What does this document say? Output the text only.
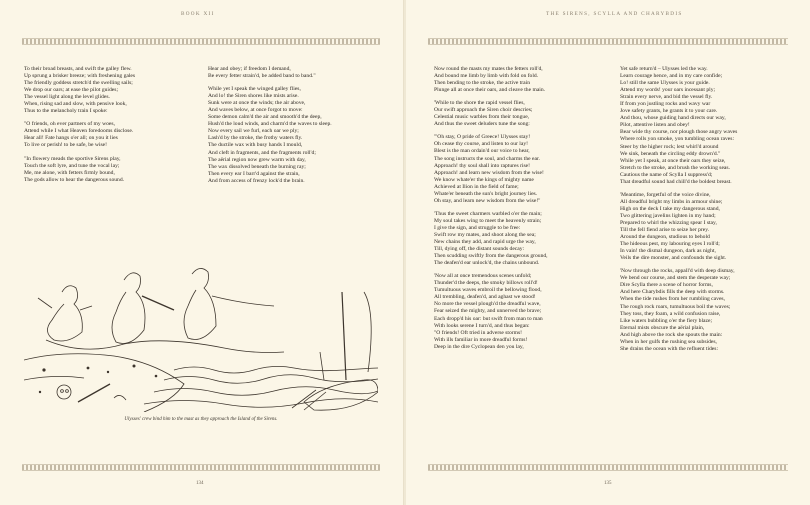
BOOK XII

To their broad breasts, and swift the galley flew.
Up sprung a brisker breeze; with freshening gales
The friendly goddess stretch'd the swelling sails;
We drop our oars; at ease the pilot guides;
The vessel light along the level glides.
When, rising sad and slow, with pensive look,
Thus to the melancholy train I spoke:

"O friends, oh ever partners of my woes,
Attend while I what Heaven foredooms disclose.
Hear all! Fate hangs o'er all; on you it lies
To live or perish! to be safe, be wise!

"In flowery meads the sportive Sirens play,
Touch the soft lyre, and tune the vocal lay;
Me, me alone, with fetters firmly bound,
The gods allow to hear the dangerous sound.

Hear and obey; if freedom I demand,
Be every fetter strain'd, be added band to band."

While yet I speak the winged galley flies,
And lo! the Siren shores like mists arise.
Sunk were at once the winds; the air above,
And waves below, at once forgot to move:
Some demon calm'd the air and smooth'd the deep,
Hush'd the loud winds, and charm'd the waves to sleep.
Now every sail we furl, each oar we ply;
Lash'd by the stroke, the frothy waters fly.
The ductile wax with busy hands I mould,
And cleft in fragments, and the fragments roll'd;
The aërial region now grew warm with day,
The wax dissolved beneath the burning ray;
Then every ear I barr'd against the strain,
And from access of frenzy lock'd the brain.

Ulysses' crew bind him to the mast as they approach the Island of the Sirens.
134
THE SIRENS, SCYLLA AND CHARYBDIS

Now round the masts my mates the fetters roll'd,
And bound me limb by limb with fold on fold.
Then bending to the stroke, the active train
Plunge all at once their oars, and cleave the main.

'While to the shore the rapid vessel flies,
Our swift approach the Siren choir descries;
Celestial music warbles from their tongue,
And thus the sweet deluders tune the song:

"'Oh stay, O pride of Greece! Ulysses stay!
Oh cease thy course, and listen to our lay!
Blest is the man ordain'd our voice to hear,
The song instructs the soul, and charms the ear.
Approach! thy soul shall into raptures rise!
Approach! and learn new wisdom from the wise!
We know whate'er the kings of mighty name
Achieved at Ilion in the field of fame;
Whate'er beneath the sun's bright journey lies.
Oh stay, and learn new wisdom from the wise!"

'Thus the sweet charmers warbled o'er the main;
My soul takes wing to meet the heavenly strain;
I give the sign, and struggle to be free:
Swift row my mates, and shoot along the sea;
New chains they add, and rapid urge the way,
Till, dying off, the distant sounds decay:
Then scudding swiftly from the dangerous ground,
The deafen'd ear unlock'd, the chains unbound.

'Now all at once tremendous scenes unfold;
Thunder'd the deeps, the smoky billows roll'd!
Tumultuous waves embroil the bellowing flood,
All trembling, deafen'd, and aghast we stood!
No more the vessel plough'd the dreadful wave,
Fear seized the mighty, and unnerved the brave;
Each dropp'd his oar: but swift from man to man
With looks serene I turn'd, and thus began:
"O friends! Oft tried in adverse storms!
With ills familiar in more dreadful forms!
Deep in the dire Cyclopean den you lay,

Yet safe return'd – Ulysses led the way.
Learn courage hence, and in my care confide;
Lo! still the same Ulysses is your guide.
Attend my words! your oars incessant ply;
Strain every nerve, and bid the vessel fly.
If from yon justling rocks and wavy war
Jove safety grants, he grants it to your care.
And thou, whose guiding hand directs our way,
Pilot, attentive listen and obey!
Bear wide thy course, nor plough those angry waves
Where rolls yon smoke, yon tumbling ocean raves:
Steer by the higher rock; lest whirl'd around
We sink, beneath the circling eddy drown'd."
While yet I speak, at once their oars they seize,
Stretch to the stroke, and brush the working seas.
Cautious the name of Scylla I suppress'd;
That dreadful sound had chill'd the boldest breast.

'Meantime, forgetful of the voice divine,
All dreadful bright my limbs in armour shine;
High on the deck I take my dangerous stand,
Two glittering javelins lighten in my hand;
Prepared to whirl the whizzing spear I stay,
Till the fell fiend arise to seize her prey.
Around the dungeon, studious to behold
The hideous pest, my labouring eyes I roll'd;
In vain! the dismal dungeon, dark as night,
Veils the dire monster, and confounds the sight.

'Now through the rocks, appall'd with deep dismay,
We bend our course, and stem the desperate way;
Dire Scylla there a scene of horror forms,
And here Charybdis fills the deep with storms.
When the tide rushes from her rumbling caves,
The rough rock roars, tumultuous boil the waves;
They toss, they foam, a wild confusion raise,
Like waters bubbling o'er the fiery blaze;
Eternal mists obscure the aërial plain,
And high above the rock she spouts the main:
When in her gulfs the rushing sea subsides,
She drains the ocean with the refluent tides:

135
